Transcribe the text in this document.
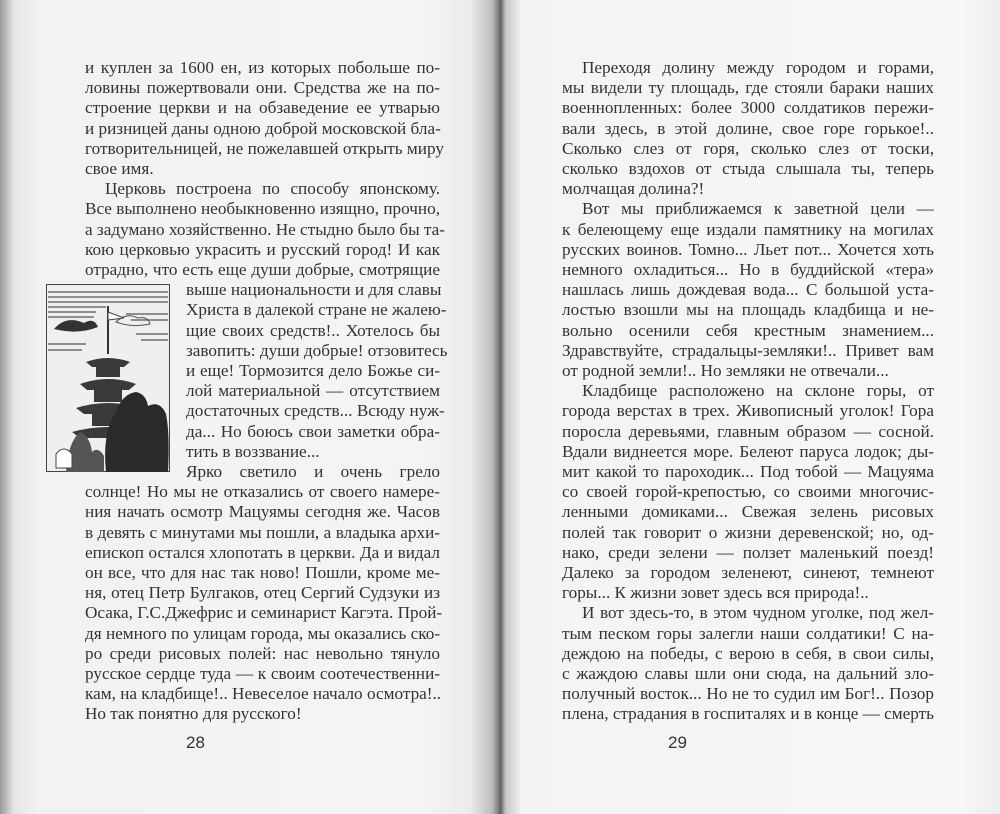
28
и куплен за 1600 ен, из которых побольше по-
ловины пожертвовали они. Средства же на по-
строение церкви и на обзаведение ее утварью
и ризницей даны одною доброй московской бла-
готворительницей, не пожелавшей открыть миру
свое имя.
Церковь построена по способу японскому.
Все выполнено необыкновенно изящно, прочно,
а задумано хозяйственно. Не стыдно было бы та-
кою церковью украсить и русский город! И как
отрадно, что есть еще души добрые, смотрящие
выше национальности и для славы
Христа в далекой стране не жалею-
щие своих средств!.. Хотелось бы
завопить: души добрые! отзовитесь
и еще! Тормозится дело Божье си-
лой материальной — отсутствием
достаточных средств... Всюду нуж-
да... Но боюсь свои заметки обра-
тить в воззвание...
Ярко светило и очень грело
солнце! Но мы не отказались от своего намере-
ния начать осмотр Мацуямы сегодня же. Часов
в девять с минутами мы пошли, а владыка архи-
епископ остался хлопотать в церкви. Да и видал
он все, что для нас так ново! Пошли, кроме ме-
ня, отец Петр Булгаков, отец Сергий Судзуки из
Осака, Г.С.Джефрис и семинарист Кагэта. Прой-
дя немного по улицам города, мы оказались ско-
ро среди рисовых полей: нас невольно тянуло
русское сердце туда — к своим соотечественни-
кам, на кладбище!.. Невеселое начало осмотра!..
Но так понятно для русского!
29
Переходя долину между городом и горами,
мы видели ту площадь, где стояли бараки наших
военнопленных: более 3000 солдатиков пережи-
вали здесь, в этой долине, свое горе горькое!..
Сколько слез от горя, сколько слез от тоски,
сколько вздохов от стыда слышала ты, теперь
молчащая долина?!
Вот мы приближаемся к заветной цели —
к белеющему еще издали памятнику на могилах
русских воинов. Томно... Льет пот... Хочется хоть
немного охладиться... Но в буддийской «тера»
нашлась лишь дождевая вода... С большой уста-
лостью взошли мы на площадь кладбища и не-
вольно осенили себя крестным знамением...
Здравствуйте, страдальцы-земляки!.. Привет вам
от родной земли!.. Но земляки не отвечали...
Кладбище расположено на склоне горы, от
города верстах в трех. Живописный уголок! Гора
поросла деревьями, главным образом — сосной.
Вдали виднеется море. Белеют паруса лодок; ды-
мит какой то пароходик... Под тобой — Мацуяма
со своей горой-крепостью, со своими многочис-
ленными домиками... Свежая зелень рисовых
полей так говорит о жизни деревенской; но, од-
нако, среди зелени — ползет маленький поезд!
Далеко за городом зеленеют, синеют, темнеют
горы... К жизни зовет здесь вся природа!..
И вот здесь-то, в этом чудном уголке, под жел-
тым песком горы залегли наши солдатики! С на-
деждою на победы, с верою в себя, в свои силы,
с жаждою славы шли они сюда, на дальний зло-
получный восток... Но не то судил им Бог!.. Позор
плена, страдания в госпиталях и в конце — смерть
